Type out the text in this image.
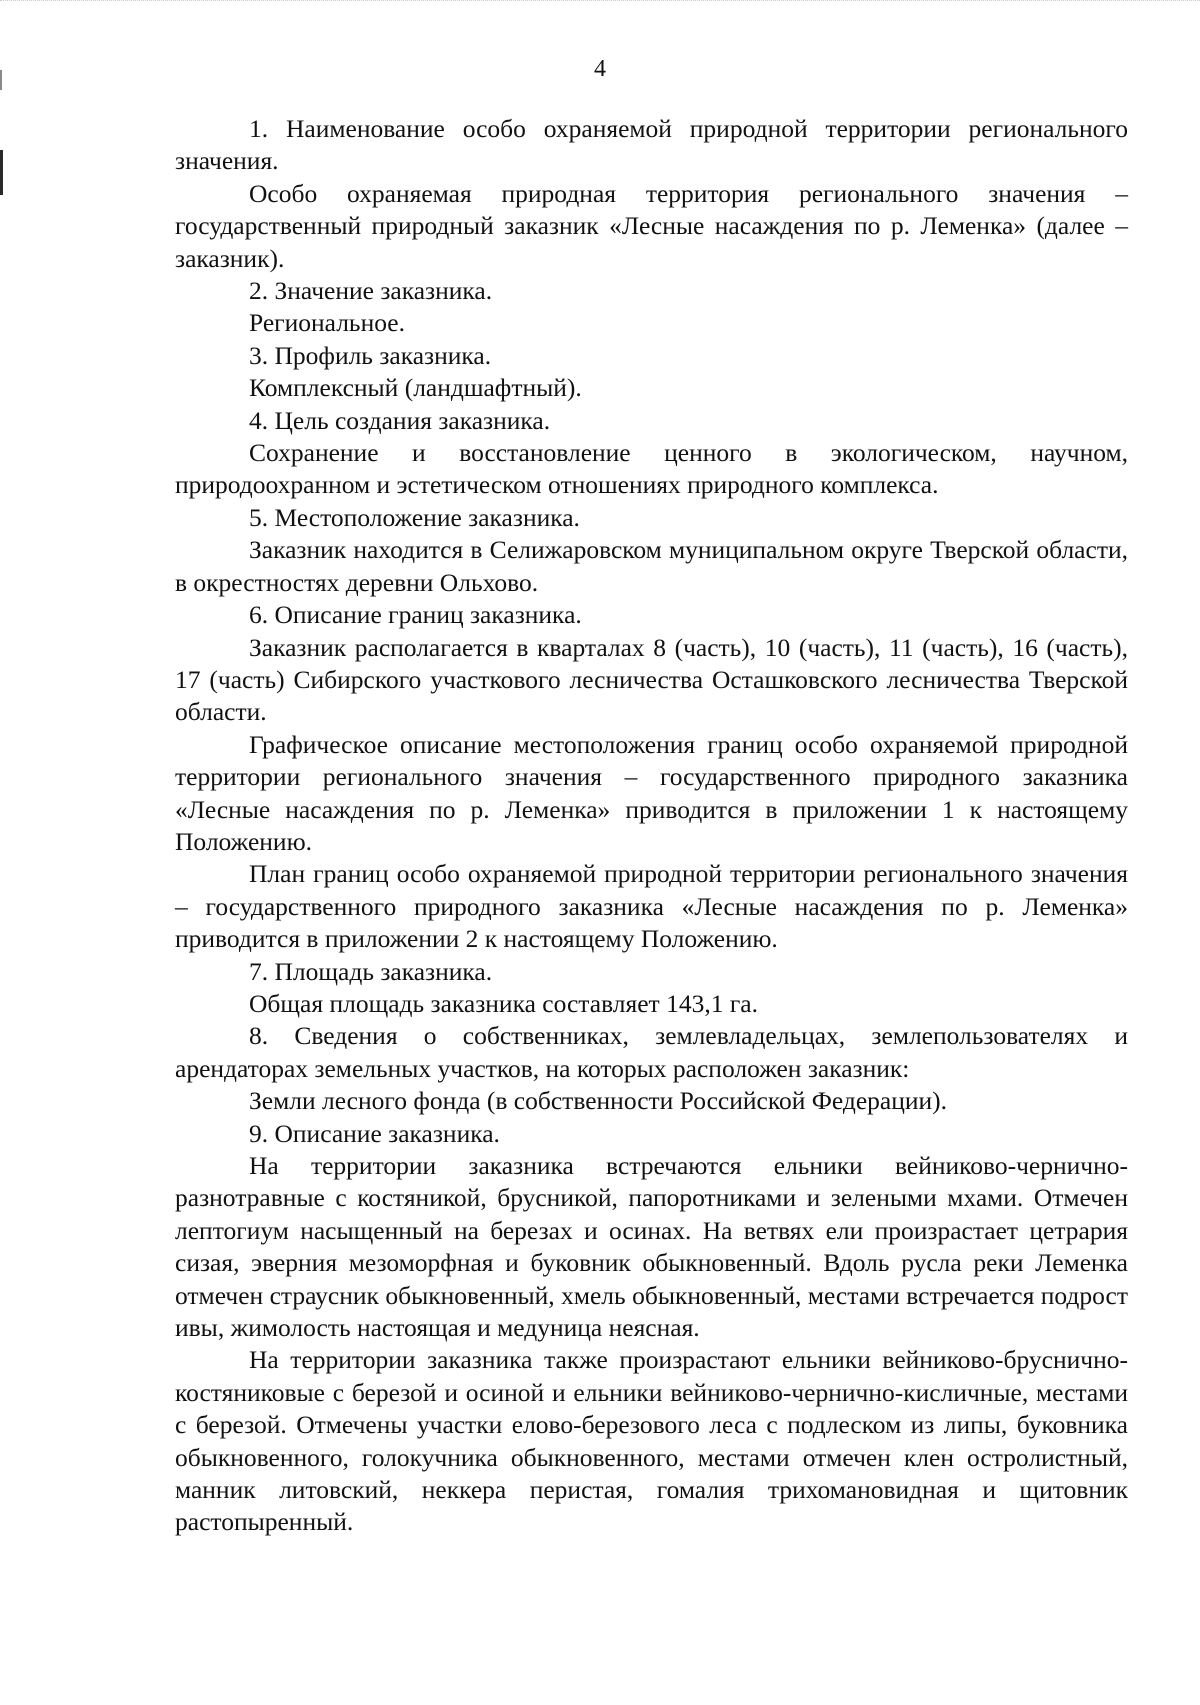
4

1. Наименование особо охраняемой природной территории регионального значения.

Особо охраняемая природная территория регионального значения – государственный природный заказник «Лесные насаждения по р. Леменка» (далее – заказник).

2. Значение заказника.

Региональное.

3. Профиль заказника.

Комплексный (ландшафтный).

4. Цель создания заказника.

Сохранение и восстановление ценного в экологическом, научном, природоохранном и эстетическом отношениях природного комплекса.

5. Местоположение заказника.

Заказник находится в Селижаровском муниципальном округе Тверской области, в окрестностях деревни Ольхово.

6. Описание границ заказника.

Заказник располагается в кварталах 8 (часть), 10 (часть), 11 (часть), 16 (часть), 17 (часть) Сибирского участкового лесничества Осташковского лесничества Тверской области.

Графическое описание местоположения границ особо охраняемой природной территории регионального значения – государственного природного заказника «Лесные насаждения по р. Леменка» приводится в приложении 1 к настоящему Положению.

План границ особо охраняемой природной территории регионального значения – государственного природного заказника «Лесные насаждения по р. Леменка» приводится в приложении 2 к настоящему Положению.

7. Площадь заказника.

Общая площадь заказника составляет 143,1 га.

8. Сведения о собственниках, землевладельцах, землепользователях и арендаторах земельных участков, на которых расположен заказник:

Земли лесного фонда (в собственности Российской Федерации).

9. Описание заказника.

На территории заказника встречаются ельники вейниково-чернично-разнотравные с костяникой, брусникой, папоротниками и зелеными мхами. Отмечен лептогиум насыщенный на березах и осинах. На ветвях ели произрастает цетрария сизая, эверния мезоморфная и буковник обыкновенный. Вдоль русла реки Леменка отмечен страусник обыкновенный, хмель обыкновенный, местами встречается подрост ивы, жимолость настоящая и медуница неясная.

На территории заказника также произрастают ельники вейниково-бруснично-костяниковые с березой и осиной и ельники вейниково-чернично-кисличные, местами с березой. Отмечены участки елово-березового леса с подлеском из липы, буковника обыкновенного, голокучника обыкновенного, местами отмечен клен остролистный, манник литовский, неккера перистая, гомалия трихомановидная и щитовник растопыренный.
